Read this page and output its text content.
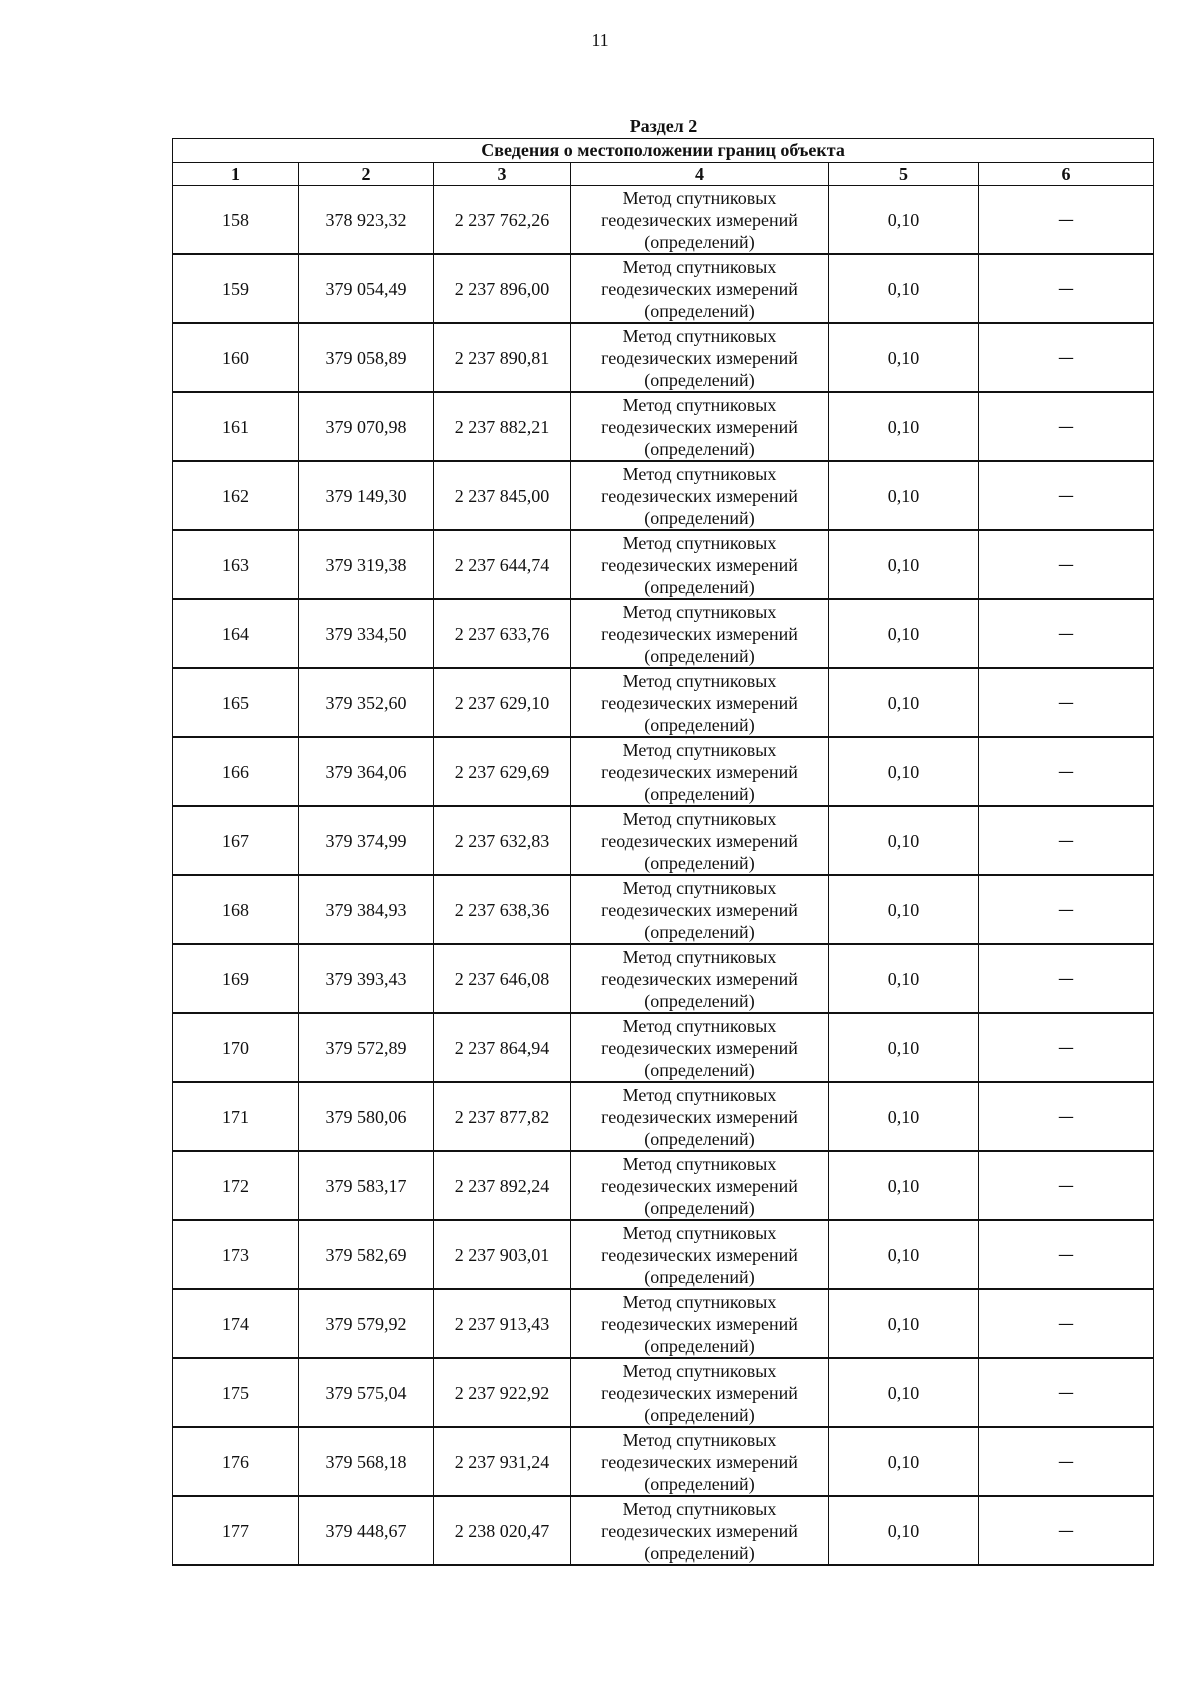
11
Раздел 2
Сведения о местоположении границ объекта					
1	2	3	4	5	6
158	378 923,32	2 237 762,26	Метод спутниковых геодезических измерений (определений)	0,10	—
159	379 054,49	2 237 896,00	Метод спутниковых геодезических измерений (определений)	0,10	—
160	379 058,89	2 237 890,81	Метод спутниковых геодезических измерений (определений)	0,10	—
161	379 070,98	2 237 882,21	Метод спутниковых геодезических измерений (определений)	0,10	—
162	379 149,30	2 237 845,00	Метод спутниковых геодезических измерений (определений)	0,10	—
163	379 319,38	2 237 644,74	Метод спутниковых геодезических измерений (определений)	0,10	—
164	379 334,50	2 237 633,76	Метод спутниковых геодезических измерений (определений)	0,10	—
165	379 352,60	2 237 629,10	Метод спутниковых геодезических измерений (определений)	0,10	—
166	379 364,06	2 237 629,69	Метод спутниковых геодезических измерений (определений)	0,10	—
167	379 374,99	2 237 632,83	Метод спутниковых геодезических измерений (определений)	0,10	—
168	379 384,93	2 237 638,36	Метод спутниковых геодезических измерений (определений)	0,10	—
169	379 393,43	2 237 646,08	Метод спутниковых геодезических измерений (определений)	0,10	—
170	379 572,89	2 237 864,94	Метод спутниковых геодезических измерений (определений)	0,10	—
171	379 580,06	2 237 877,82	Метод спутниковых геодезических измерений (определений)	0,10	—
172	379 583,17	2 237 892,24	Метод спутниковых геодезических измерений (определений)	0,10	—
173	379 582,69	2 237 903,01	Метод спутниковых геодезических измерений (определений)	0,10	—
174	379 579,92	2 237 913,43	Метод спутниковых геодезических измерений (определений)	0,10	—
175	379 575,04	2 237 922,92	Метод спутниковых геодезических измерений (определений)	0,10	—
176	379 568,18	2 237 931,24	Метод спутниковых геодезических измерений (определений)	0,10	—
177	379 448,67	2 238 020,47	Метод спутниковых геодезических измерений (определений)	0,10	—
